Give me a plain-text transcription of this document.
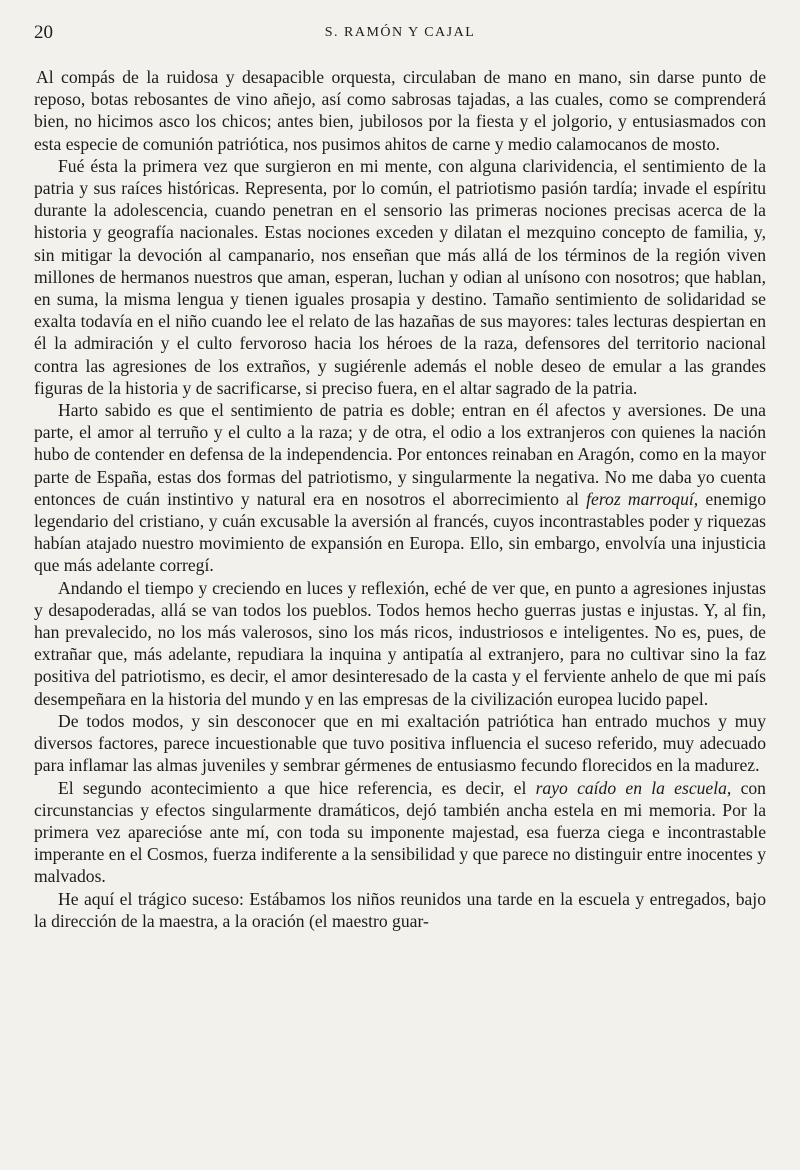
20	S. RAMÓN Y CAJAL

Al compás de la ruidosa y desapacible orquesta, circulaban de mano en mano, sin darse punto de reposo, botas rebosantes de vino añejo, así como sabrosas tajadas, a las cuales, como se comprenderá bien, no hicimos asco los chicos; antes bien, jubilosos por la fiesta y el jolgorio, y entusiasmados con esta especie de comunión patriótica, nos pusimos ahitos de carne y medio calamocanos de mosto.

Fué ésta la primera vez que surgieron en mi mente, con alguna clarividencia, el sentimiento de la patria y sus raíces históricas. Representa, por lo común, el patriotismo pasión tardía; invade el espíritu durante la adolescencia, cuando penetran en el sensorio las primeras nociones precisas acerca de la historia y geografía nacionales. Estas nociones exceden y dilatan el mezquino concepto de familia, y, sin mitigar la devoción al campanario, nos enseñan que más allá de los términos de la región viven millones de hermanos nuestros que aman, esperan, luchan y odian al unísono con nosotros; que hablan, en suma, la misma lengua y tienen iguales prosapia y destino. Tamaño sentimiento de solidaridad se exalta todavía en el niño cuando lee el relato de las hazañas de sus mayores: tales lecturas despiertan en él la admiración y el culto fervoroso hacia los héroes de la raza, defensores del territorio nacional contra las agresiones de los extraños, y sugiérenle además el noble deseo de emular a las grandes figuras de la historia y de sacrificarse, si preciso fuera, en el altar sagrado de la patria.

Harto sabido es que el sentimiento de patria es doble; entran en él afectos y aversiones. De una parte, el amor al terruño y el culto a la raza; y de otra, el odio a los extranjeros con quienes la nación hubo de contender en defensa de la independencia. Por entonces reinaban en Aragón, como en la mayor parte de España, estas dos formas del patriotismo, y singularmente la negativa. No me daba yo cuenta entonces de cuán instintivo y natural era en nosotros el aborrecimiento al feroz marroquí, enemigo legendario del cristiano, y cuán excusable la aversión al francés, cuyos incontrastables poder y riquezas habían atajado nuestro movimiento de expansión en Europa. Ello, sin embargo, envolvía una injusticia que más adelante corregí.

Andando el tiempo y creciendo en luces y reflexión, eché de ver que, en punto a agresiones injustas y desapoderadas, allá se van todos los pueblos. Todos hemos hecho guerras justas e injustas. Y, al fin, han prevalecido, no los más valerosos, sino los más ricos, industriosos e inteligentes. No es, pues, de extrañar que, más adelante, repudiara la inquina y antipatía al extranjero, para no cultivar sino la faz positiva del patriotismo, es decir, el amor desinteresado de la casta y el ferviente anhelo de que mi país desempeñara en la historia del mundo y en las empresas de la civilización europea lucido papel.

De todos modos, y sin desconocer que en mi exaltación patriótica han entrado muchos y muy diversos factores, parece incuestionable que tuvo positiva influencia el suceso referido, muy adecuado para inflamar las almas juveniles y sembrar gérmenes de entusiasmo fecundo florecidos en la madurez.

El segundo acontecimiento a que hice referencia, es decir, el rayo caído en la escuela, con circunstancias y efectos singularmente dramáticos, dejó también ancha estela en mi memoria. Por la primera vez aparecióse ante mí, con toda su imponente majestad, esa fuerza ciega e incontrastable imperante en el Cosmos, fuerza indiferente a la sensibilidad y que parece no distinguir entre inocentes y malvados.

He aquí el trágico suceso: Estábamos los niños reunidos una tarde en la escuela y entregados, bajo la dirección de la maestra, a la oración (el maestro guar-
